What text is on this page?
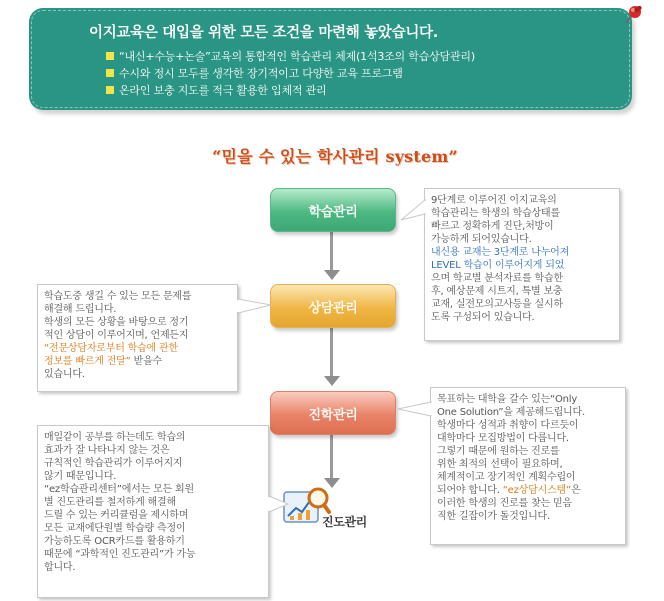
이지교육은 대입을 위한 모든 조건을 마련해 놓았습니다.
“내신+수능+논술”교육의 통합적인 학습관리 체제(1석3조의 학습상담관리)
수시와 정시 모두를 생각한 장기적이고 다양한 교육 프로그램
온라인 보충 지도를 적극 활용한 입체적 관리
“믿을 수 있는 학사관리 system”
학습관리
상담관리
진학관리
진도관리
9단계로 이루어진 이지교육의
학습관리는 학생의 학습상태를
빠르고 정확하게 진단,처방이
가능하게 되어있습니다.
내신용 교재는 3단계로 나누어져
LEVEL 학습이 이루어지게 되었
으며 학교별 분석자료를 학습한
후, 예상문제 시트지, 특별 보충
교재, 실전모의고사등을 실시하
도록 구성되어 있습니다.
학습도중 생길 수 있는 모든 문제를
해결해 드립니다.
학생의 모든 상황을 바탕으로 정기
적인 상담이 이루어지며, 언제든지
“전문상담자로부터 학습에 관한
정보를 빠르게 전달” 받을수
있습니다.
목표하는 대학을 갈수 있는“Only
One Solution”을 제공해드립니다.
학생마다 성적과 취향이 다르듯이
대학마다 모집방법이 다릅니다.
그렇기 때문에 원하는 진로를
위한 최적의 선택이 필요하며,
체계적이고 장기적인 계획수립이
되어야 합니다. “ez상담시스템”은
이러한 학생의 진로를 찾는 믿음
직한 길잡이가 돌것입니다.
매일같이 공부를 하는데도 학습의
효과가 잘 나타나지 않는 것은
규칙적인 학습관리가 이루어지지
않기 때문입니다.
“ez학습관리센터”에서는 모든 회원
별 진도관리를 철저하게 해결해
드릴 수 있는 커리큘럼을 제시하며
모든 교재에단원별 학습량 측정이
가능하도록 OCR카드를 활용하기
때문에 “과학적인 진도관리”가 가능
합니다.
